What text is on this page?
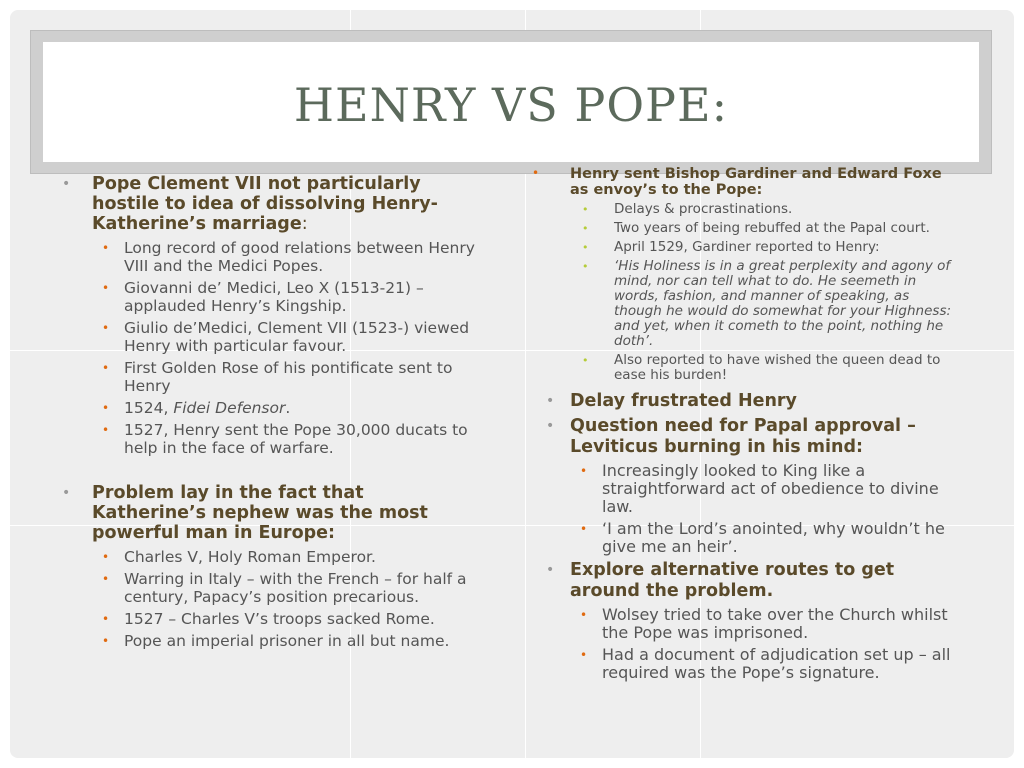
HENRY VS POPE:
• Pope Clement VII not particularly hostile to idea of dissolving Henry-Katherine’s marriage:
• Long record of good relations between Henry VIII and the Medici Popes.
• Giovanni de’ Medici, Leo X (1513-21) – applauded Henry’s Kingship.
• Giulio de’Medici, Clement VII (1523-) viewed Henry with particular favour.
• First Golden Rose of his pontificate sent to Henry
• 1524, Fidei Defensor.
• 1527, Henry sent the Pope 30,000 ducats to help in the face of warfare.
• Problem lay in the fact that Katherine’s nephew was the most powerful man in Europe:
• Charles V, Holy Roman Emperor.
• Warring in Italy – with the French – for half a century, Papacy’s position precarious.
• 1527 – Charles V’s troops sacked Rome.
• Pope an imperial prisoner in all but name.
• Henry sent Bishop Gardiner and Edward Foxe as envoy’s to the Pope:
• Delays & procrastinations.
• Two years of being rebuffed at the Papal court.
• April 1529, Gardiner reported to Henry:
• ‘His Holiness is in a great perplexity and agony of mind, nor can tell what to do. He seemeth in words, fashion, and manner of speaking, as though he would do somewhat for your Highness: and yet, when it cometh to the point, nothing he doth’.
• Also reported to have wished the queen dead to ease his burden!
• Delay frustrated Henry
• Question need for Papal approval – Leviticus burning in his mind:
• Increasingly looked to King like a straightforward act of obedience to divine law.
• ‘I am the Lord’s anointed, why wouldn’t he give me an heir’.
• Explore alternative routes to get around the problem.
• Wolsey tried to take over the Church whilst the Pope was imprisoned.
• Had a document of adjudication set up – all required was the Pope’s signature.
